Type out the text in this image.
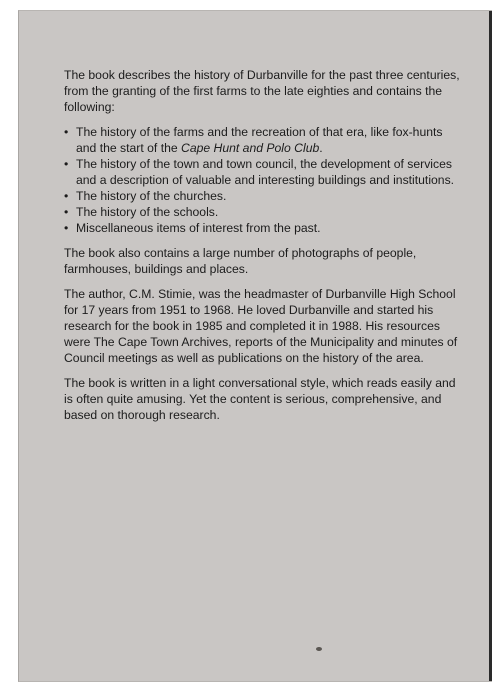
The book describes the history of Durbanville for the past three centuries, from the granting of the first farms to the late eighties and contains the following:

• The history of the farms and the recreation of that era, like fox-hunts and the start of the Cape Hunt and Polo Club.
• The history of the town and town council, the development of services and a description of valuable and interesting buildings and institutions.
• The history of the churches.
• The history of the schools.
• Miscellaneous items of interest from the past.

The book also contains a large number of photographs of people, farmhouses, buildings and places.

The author, C.M. Stimie, was the headmaster of Durbanville High School for 17 years from 1951 to 1968. He loved Durbanville and started his research for the book in 1985 and completed it in 1988. His resources were The Cape Town Archives, reports of the Municipality and minutes of Council meetings as well as publications on the history of the area.

The book is written in a light conversational style, which reads easily and is often quite amusing. Yet the content is serious, comprehensive, and based on thorough research.
